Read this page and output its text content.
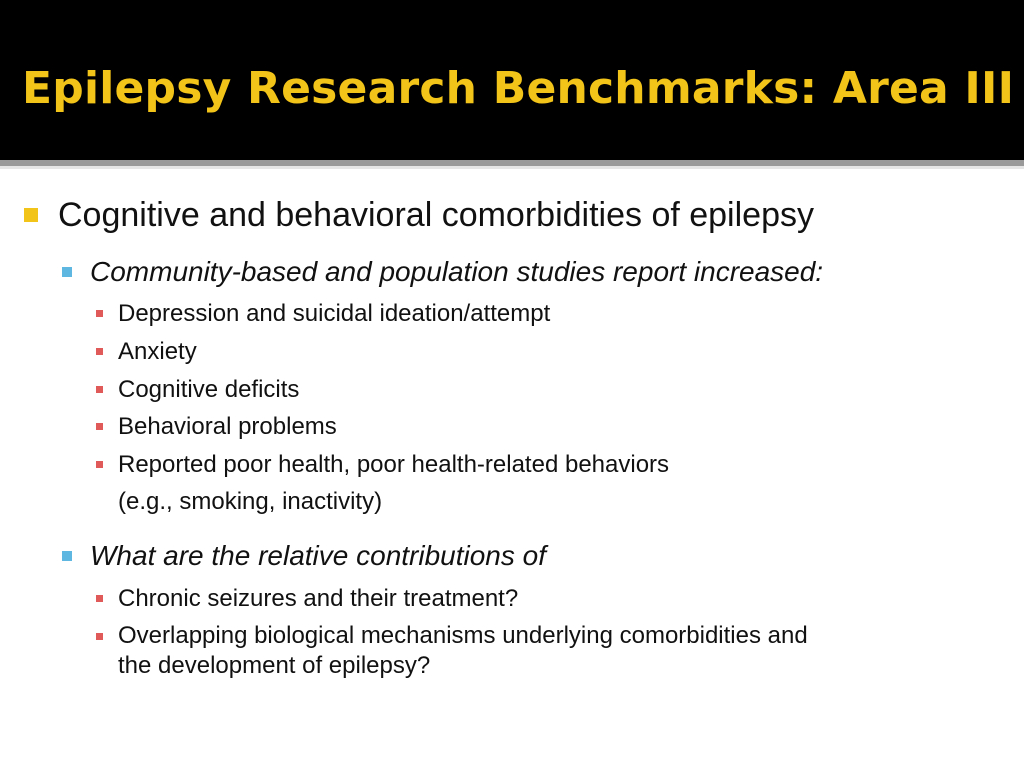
Epilepsy Research Benchmarks: Area III
Cognitive and behavioral comorbidities of epilepsy
Community-based and population studies report increased:
Depression and suicidal ideation/attempt
Anxiety
Cognitive deficits
Behavioral problems
Reported poor health, poor health-related behaviors
(e.g., smoking, inactivity)
What are the relative contributions of
Chronic seizures and their treatment?
Overlapping biological mechanisms underlying comorbidities and
the development of epilepsy?
